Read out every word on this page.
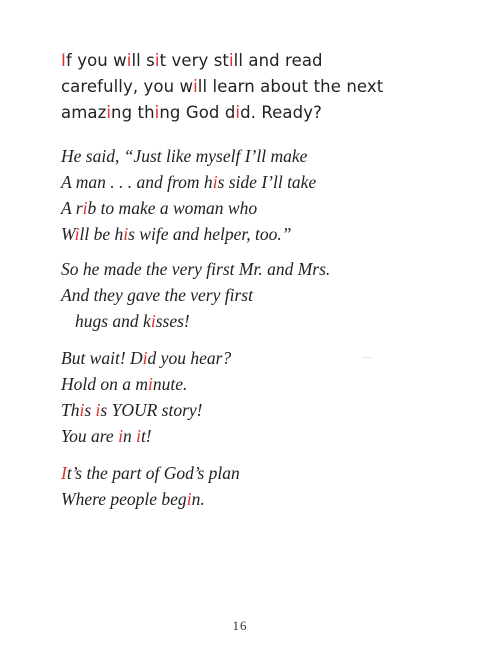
If you will sit very still and read
carefully, you will learn about the next
amazing thing God did. Ready?
He said, “Just like myself I’ll make
A man . . . and from his side I’ll take
A rib to make a woman who
Will be his wife and helper, too.”
So he made the very first Mr. and Mrs.
And they gave the very first
hugs and kisses!
But wait! Did you hear?
Hold on a minute.
This is YOUR story!
You are in it!
It’s the part of God’s plan
Where people begin.
16
